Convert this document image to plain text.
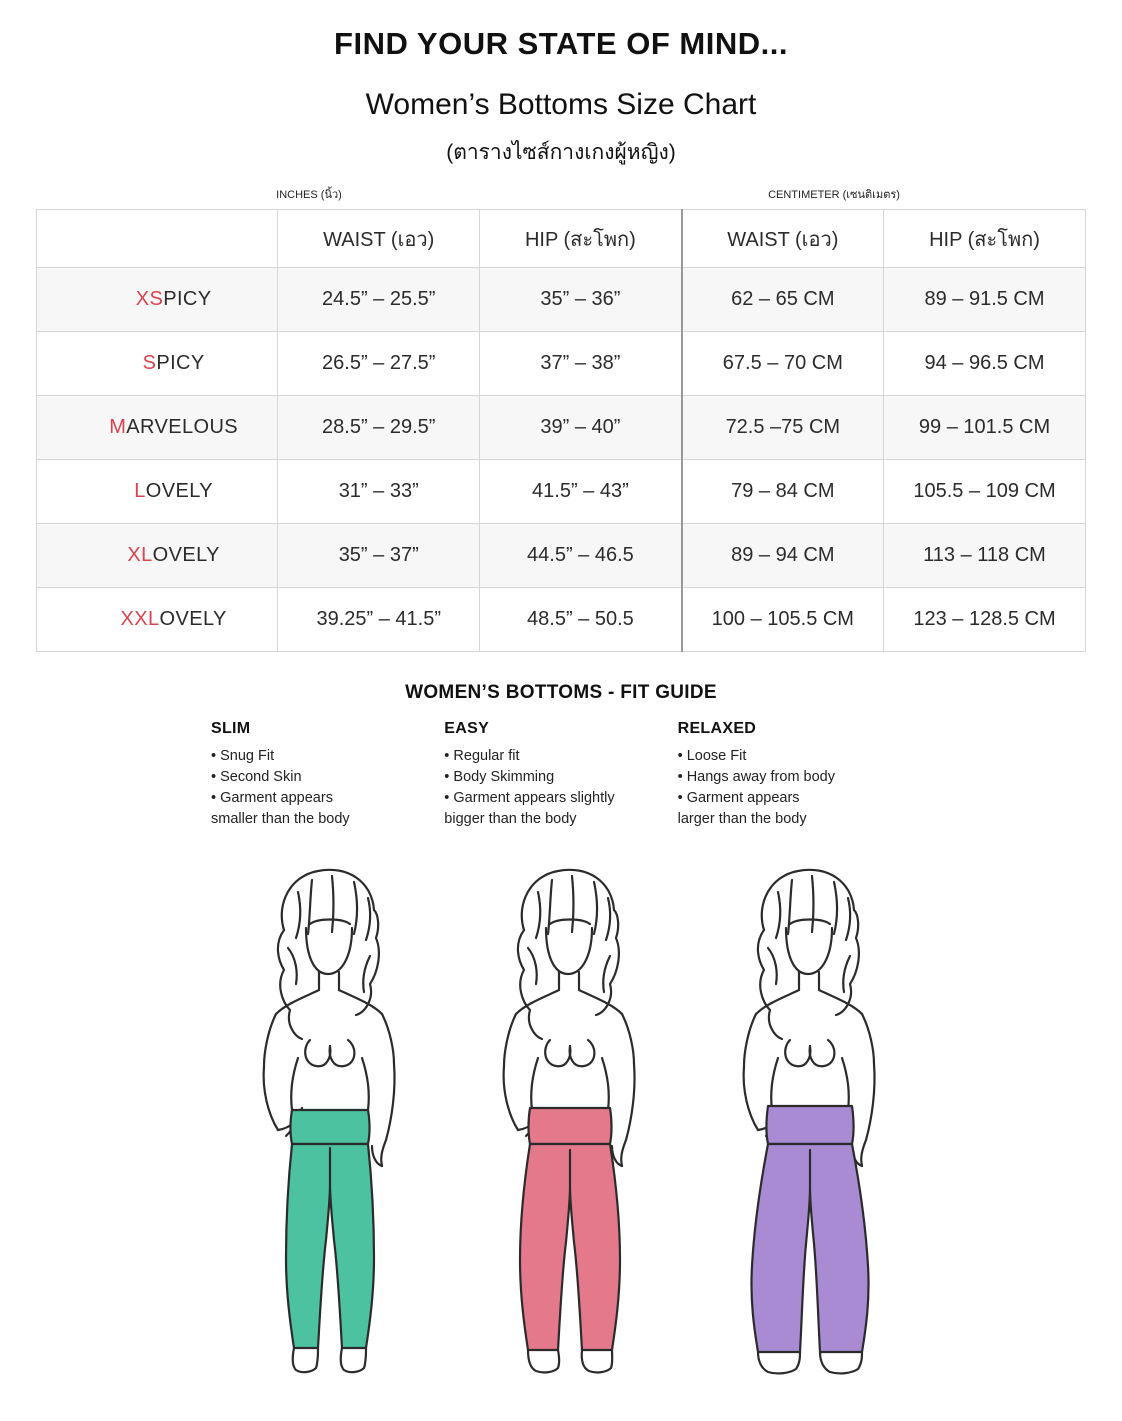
FIND YOUR STATE OF MIND...
Women’s Bottoms Size Chart
(ตารางไซส์กางเกงผู้หญิง)
INCHES (นิ้ว)	CENTIMETER (เซนติเมตร)
	WAIST (เอว)	HIP (สะโพก)	WAIST (เอว)	HIP (สะโพก)
XSPICY	24.5” – 25.5”	35” – 36”	62 – 65 CM	89 – 91.5 CM
SPICY	26.5” – 27.5”	37” – 38”	67.5 – 70 CM	94 – 96.5 CM
MARVELOUS	28.5” – 29.5”	39” – 40”	72.5 –75 CM	99 – 101.5 CM
LOVELY	31” – 33”	41.5” – 43”	79 – 84 CM	105.5 – 109 CM
XLOVELY	35” – 37”	44.5” – 46.5	89 – 94 CM	113 – 118 CM
XXLOVELY	39.25” – 41.5”	48.5” – 50.5	100 – 105.5 CM	123 – 128.5 CM
WOMEN’S BOTTOMS - FIT GUIDE
SLIM
• Snug Fit
• Second Skin
• Garment appears
smaller than the body
EASY
• Regular fit
• Body Skimming
• Garment appears slightly
bigger than the body
RELAXED
• Loose Fit
• Hangs away from body
• Garment appears
larger than the body
